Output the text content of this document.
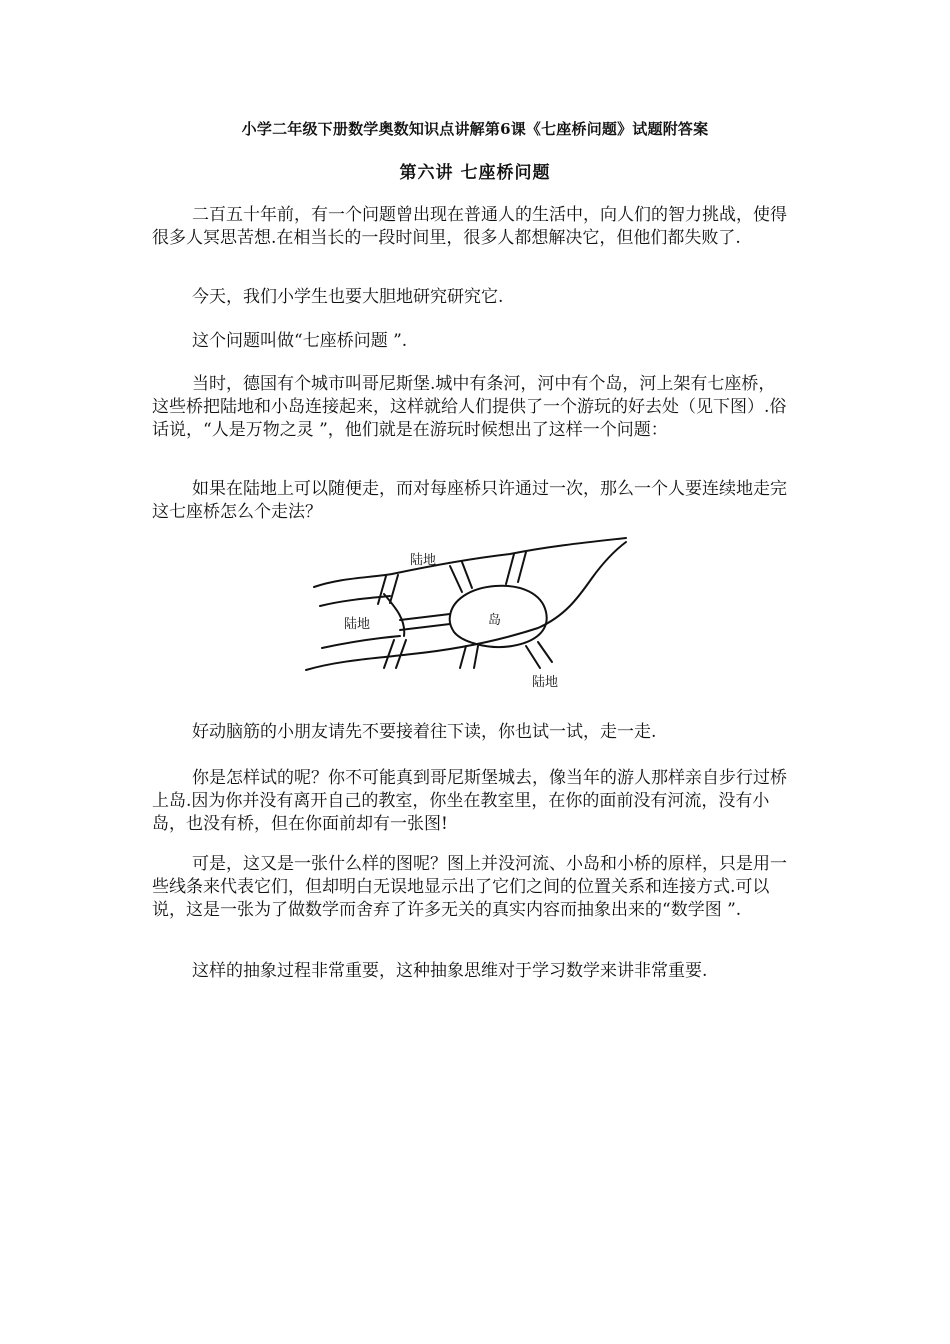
小学二年级下册数学奥数知识点讲解第6课《七座桥问题》试题附答案
第六讲 七座桥问题

二百五十年前，有一个问题曾出现在普通人的生活中，向人们的智力挑战，使得很多人冥思苦想.在相当长的一段时间里，很多人都想解决它，但他们都失败了.

今天，我们小学生也要大胆地研究研究它.

这个问题叫做“七座桥问题 ”.

当时，德国有个城市叫哥尼斯堡.城中有条河，河中有个岛，河上架有七座桥，这些桥把陆地和小岛连接起来，这样就给人们提供了一个游玩的好去处（见下图）.俗话说，“人是万物之灵 ”，他们就是在游玩时候想出了这样一个问题：

如果在陆地上可以随便走，而对每座桥只许通过一次，那么一个人要连续地走完这七座桥怎么个走法？

陆地
陆地	岛
陆地

好动脑筋的小朋友请先不要接着往下读，你也试一试，走一走.

你是怎样试的呢？你不可能真到哥尼斯堡城去，像当年的游人那样亲自步行过桥上岛.因为你并没有离开自己的教室，你坐在教室里，在你的面前没有河流，没有小岛，也没有桥，但在你面前却有一张图!

可是，这又是一张什么样的图呢？图上并没河流、小岛和小桥的原样，只是用一些线条来代表它们，但却明白无误地显示出了它们之间的位置关系和连接方式.可以说，这是一张为了做数学而舍弃了许多无关的真实内容而抽象出来的“数学图 ”.

这样的抽象过程非常重要，这种抽象思维对于学习数学来讲非常重要.
